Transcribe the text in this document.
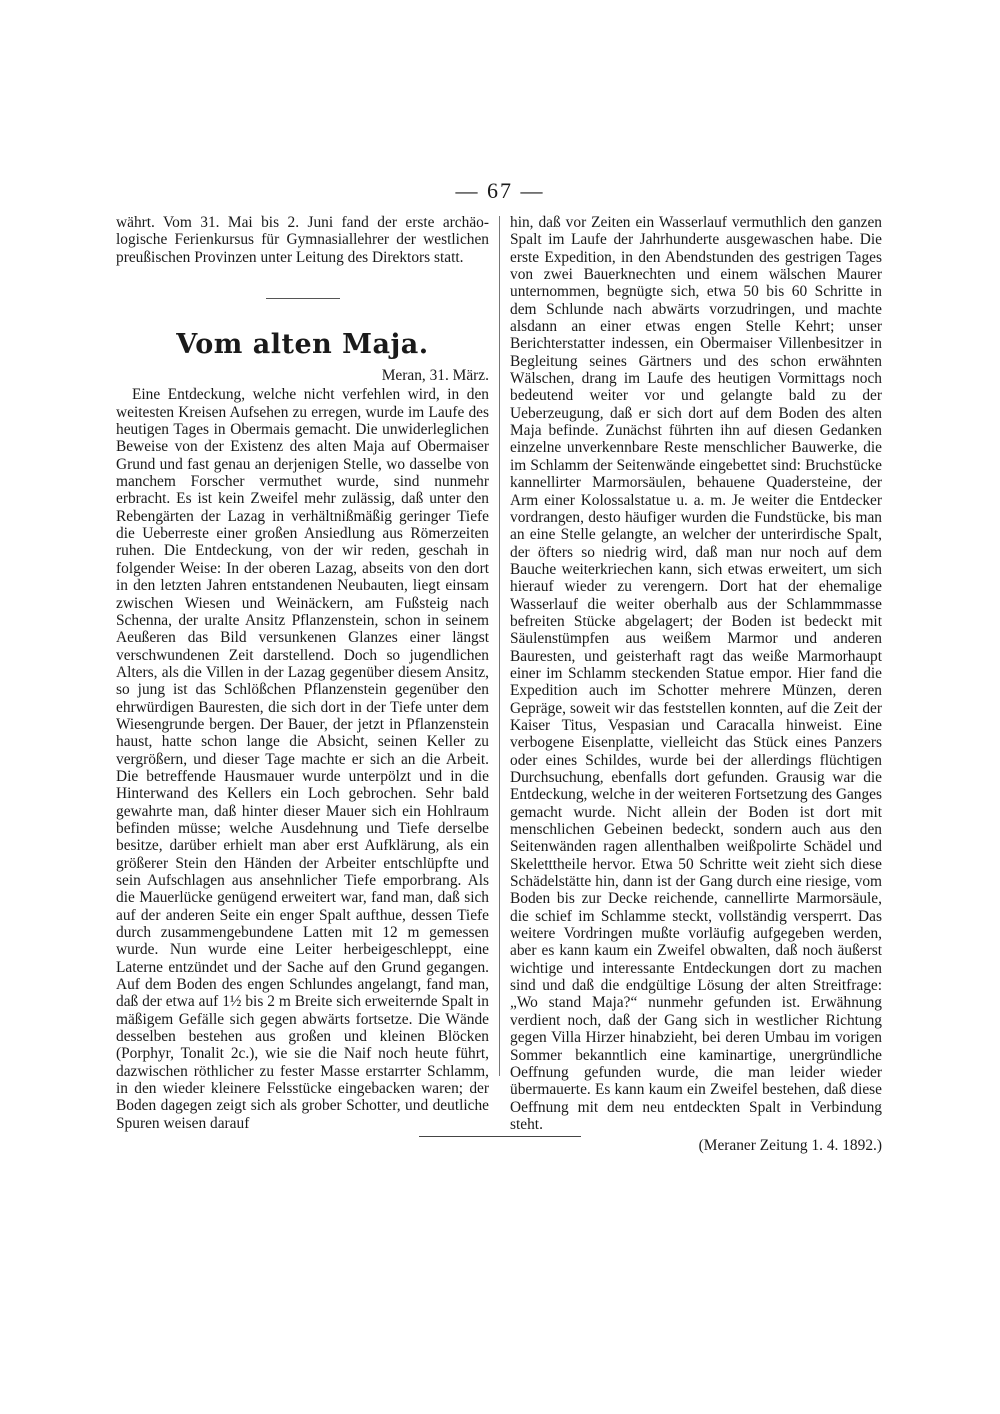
— 67 —

währt. Vom 31. Mai bis 2. Juni fand der erste archäologische Ferienkursus für Gymnasiallehrer der westlichen preußischen Provinzen unter Leitung des Direktors statt.

Vom alten Maja.
Meran, 31. März.

Eine Entdeckung, welche nicht verfehlen wird, in den weitesten Kreisen Aufsehen zu erregen, wurde im Laufe des heutigen Tages in Obermais gemacht. Die unwiderleglichen Beweise von der Existenz des alten Maja auf Obermaiser Grund und fast genau an derjenigen Stelle, wo dasselbe von manchem Forscher vermuthet wurde, sind nunmehr erbracht. Es ist kein Zweifel mehr zulässig, daß unter den Rebengärten der Lazag in verhältnißmäßig geringer Tiefe die Ueberreste einer großen Ansiedlung aus Römerzeiten ruhen. Die Entdeckung, von der wir reden, geschah in folgender Weise: In der oberen Lazag, abseits von den dort in den letzten Jahren entstandenen Neubauten, liegt einsam zwischen Wiesen und Weinäckern, am Fußsteig nach Schenna, der uralte Ansitz Pflanzenstein, schon in seinem Aeußeren das Bild versunkenen Glanzes einer längst verschwundenen Zeit darstellend. Doch so jugendlichen Alters, als die Villen in der Lazag gegenüber diesem Ansitz, so jung ist das Schlößchen Pflanzenstein gegenüber den ehrwürdigen Bauresten, die sich dort in der Tiefe unter dem Wiesengrunde bergen. Der Bauer, der jetzt in Pflanzenstein haust, hatte schon lange die Absicht, seinen Keller zu vergrößern, und dieser Tage machte er sich an die Arbeit. Die betreffende Hausmauer wurde unterpölzt und in die Hinterwand des Kellers ein Loch gebrochen. Sehr bald gewahrte man, daß hinter dieser Mauer sich ein Hohlraum befinden müsse; welche Ausdehnung und Tiefe derselbe besitze, darüber erhielt man aber erst Aufklärung, als ein größerer Stein den Händen der Arbeiter entschlüpfte und sein Aufschlagen aus ansehnlicher Tiefe emporbrang. Als die Mauerlücke genügend erweitert war, fand man, daß sich auf der anderen Seite ein enger Spalt aufthue, dessen Tiefe durch zusammengebundene Latten mit 12 m gemessen wurde. Nun wurde eine Leiter herbeigeschleppt, eine Laterne entzündet und der Sache auf den Grund gegangen. Auf dem Boden des engen Schlundes angelangt, fand man, daß der etwa auf 1½ bis 2 m Breite sich erweiternde Spalt in mäßigem Gefälle sich gegen abwärts fortsetze. Die Wände desselben bestehen aus großen und kleinen Blöcken (Porphyr, Tonalit 2c.), wie sie die Naif noch heute führt, dazwischen röthlicher zu fester Masse erstarrter Schlamm, in den wieder kleinere Felsstücke eingebacken waren; der Boden dagegen zeigt sich als grober Schotter, und deutliche Spuren weisen darauf

hin, daß vor Zeiten ein Wasserlauf vermuthlich den ganzen Spalt im Laufe der Jahrhunderte ausgewaschen habe. Die erste Expedition, in den Abendstunden des gestrigen Tages von zwei Bauerknechten und einem wälschen Maurer unternommen, begnügte sich, etwa 50 bis 60 Schritte in dem Schlunde nach abwärts vorzudringen, und machte alsdann an einer etwas engen Stelle Kehrt; unser Berichterstatter indessen, ein Obermaiser Villenbesitzer in Begleitung seines Gärtners und des schon erwähnten Wälschen, drang im Laufe des heutigen Vormittags noch bedeutend weiter vor und gelangte bald zu der Ueberzeugung, daß er sich dort auf dem Boden des alten Maja befinde. Zunächst führten ihn auf diesen Gedanken einzelne unverkennbare Reste menschlicher Bauwerke, die im Schlamm der Seitenwände eingebettet sind: Bruchstücke kannellirter Marmorsäulen, behauene Quadersteine, der Arm einer Kolossalstatue u. a. m. Je weiter die Entdecker vordrangen, desto häufiger wurden die Fundstücke, bis man an eine Stelle gelangte, an welcher der unterirdische Spalt, der öfters so niedrig wird, daß man nur noch auf dem Bauche weiterkriechen kann, sich etwas erweitert, um sich hierauf wieder zu verengern. Dort hat der ehemalige Wasserlauf die weiter oberhalb aus der Schlammmasse befreiten Stücke abgelagert; der Boden ist bedeckt mit Säulenstümpfen aus weißem Marmor und anderen Bauresten, und geisterhaft ragt das weiße Marmorhaupt einer im Schlamm steckenden Statue empor. Hier fand die Expedition auch im Schotter mehrere Münzen, deren Gepräge, soweit wir das feststellen konnten, auf die Zeit der Kaiser Titus, Vespasian und Caracalla hinweist. Eine verbogene Eisenplatte, vielleicht das Stück eines Panzers oder eines Schildes, wurde bei der allerdings flüchtigen Durchsuchung, ebenfalls dort gefunden. Grausig war die Entdeckung, welche in der weiteren Fortsetzung des Ganges gemacht wurde. Nicht allein der Boden ist dort mit menschlichen Gebeinen bedeckt, sondern auch aus den Seitenwänden ragen allenthalben weißpolirte Schädel und Skeletttheile hervor. Etwa 50 Schritte weit zieht sich diese Schädelstätte hin, dann ist der Gang durch eine riesige, vom Boden bis zur Decke reichende, cannellirte Marmorsäule, die schief im Schlamme steckt, vollständig versperrt. Das weitere Vordringen mußte vorläufig aufgegeben werden, aber es kann kaum ein Zweifel obwalten, daß noch äußerst wichtige und interessante Entdeckungen dort zu machen sind und daß die endgültige Lösung der alten Streitfrage: „Wo stand Maja?“ nunmehr gefunden ist. Erwähnung verdient noch, daß der Gang sich in westlicher Richtung gegen Villa Hirzer hinabzieht, bei deren Umbau im vorigen Sommer bekanntlich eine kaminartige, unergründliche Oeffnung gefunden wurde, die man leider wieder übermauerte. Es kann kaum ein Zweifel bestehen, daß diese Oeffnung mit dem neu entdeckten Spalt in Verbindung steht.

(Meraner Zeitung 1. 4. 1892.)
